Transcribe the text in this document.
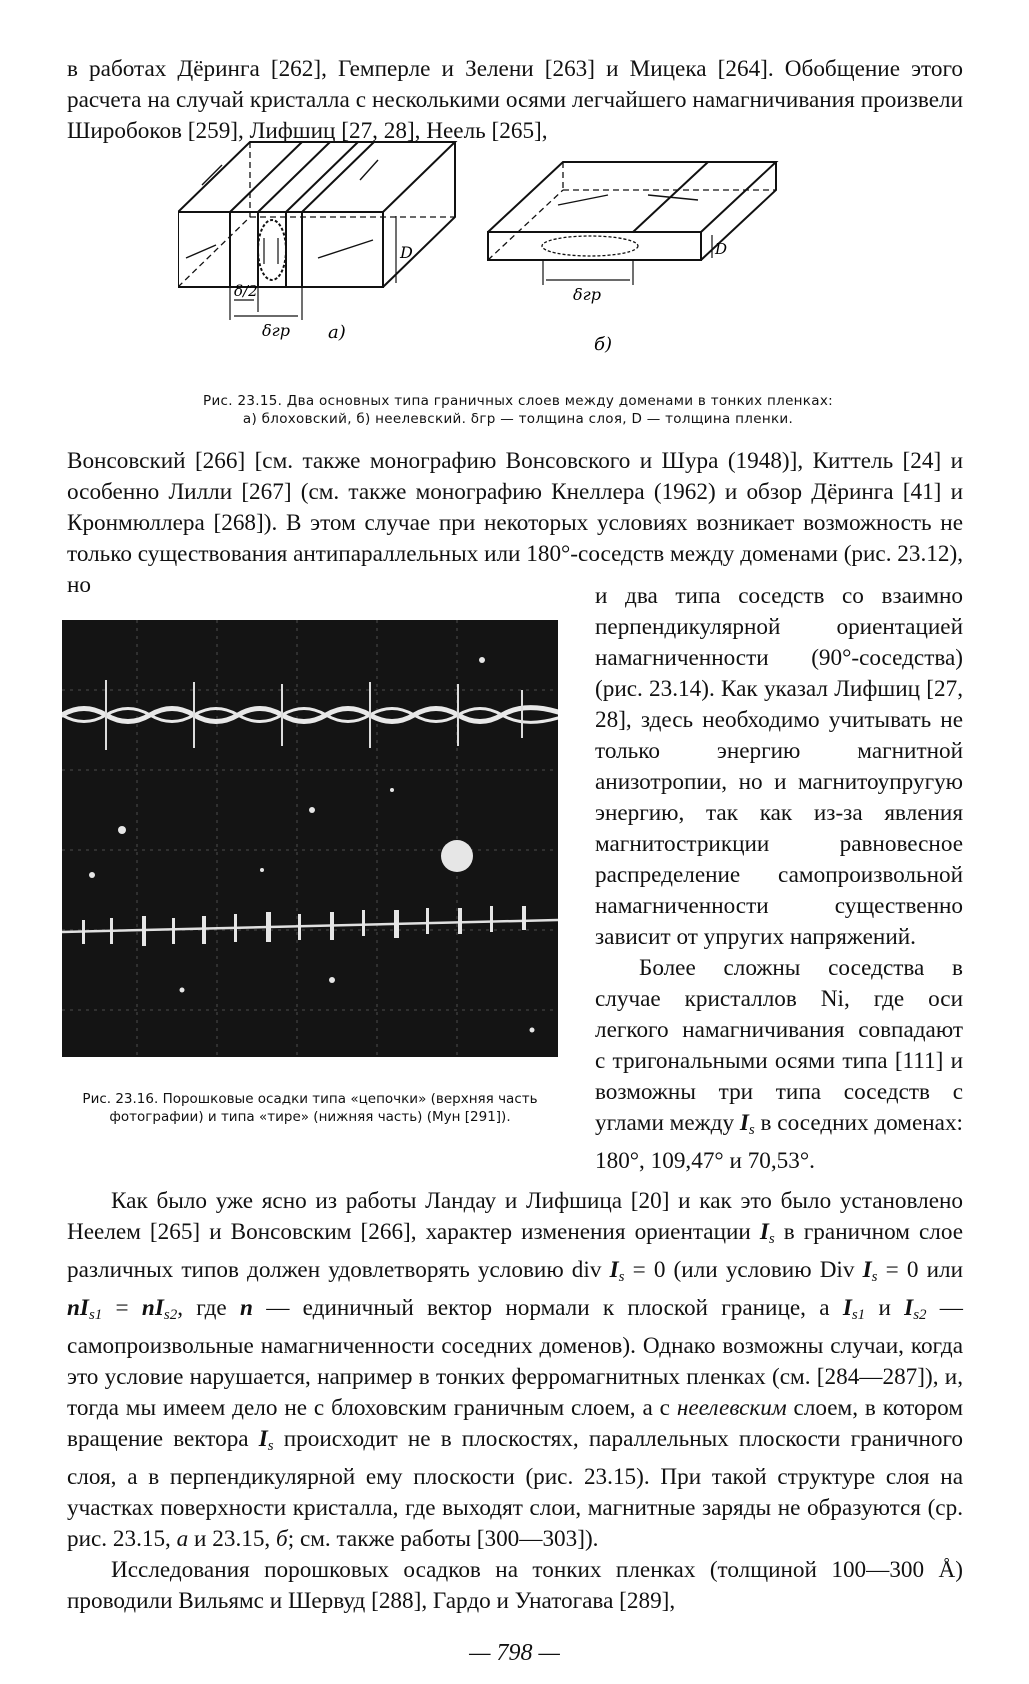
в работах Дёринга [262], Гемперле и Зелени [263] и Мицека [264]. Обобщение этого расчета на случай кристалла с несколькими осями легчайшего намагничивания произвели Широбоков [259], Лифшиц [27, 28], Неель [265],

D
δ/2
δгр а)
D
δгр
б)
Рис. 23.15. Два основных типа граничных слоев между доменами в тонких пленках:
а) блоховский, б) неелевский. δгр — толщина слоя, D — толщина пленки.

Вонсовский [266] [см. также монографию Вонсовского и Шура (1948)], Киттель [24] и особенно Лилли [267] (см. также монографию Кнеллера (1962) и обзор Дёринга [41] и Кронмюллера [268]). В этом случае при некоторых условиях возникает возможность не только существования антипараллельных или 180°-соседств между доменами (рис. 23.12), но

Рис. 23.16. Порошковые осадки типа «цепочки» (верхняя часть фотографии) и типа «тире» (нижняя часть) (Мун [291]).

и два типа соседств со взаимно перпендикулярной ориентацией намагниченности (90°-соседства) (рис. 23.14). Как указал Лифшиц [27, 28], здесь необходимо учитывать не только энергию магнитной анизотропии, но и магнитоупругую энергию, так как из-за явления магнитострикции равновесное распределение самопроизвольной намагниченности существенно зависит от упругих напряжений.

Более сложны соседства в случае кристаллов Ni, где оси легкого намагничивания совпадают с тригональными осями типа [111] и возможны три типа соседств с углами между $I_s$ в соседних доменах: 180°, 109,47° и 70,53°.

Как было уже ясно из работы Ландау и Лифшица [20] и как это было установлено Неелем [265] и Вонсовским [266], характер изменения ориентации $I_s$ в граничном слое различных типов должен удовлетворять условию div $I_s = 0$ (или условию Div $I_s = 0$ или $nI_{s1} = nI_{s2}$, где n — единичный вектор нормали к плоской границе, а $I_{s1}$ и $I_{s2}$ — самопроизвольные намагниченности соседних доменов). Однако возможны случаи, когда это условие нарушается, например в тонких ферромагнитных пленках (см. [284—287]), и, тогда мы имеем дело не с блоховским граничным слоем, а с неелевским слоем, в котором вращение вектора $I_s$ происходит не в плоскостях, параллельных плоскости граничного слоя, а в перпендикулярной ему плоскости (рис. 23.15). При такой структуре слоя на участках поверхности кристалла, где выходят слои, магнитные заряды не образуются (ср. рис. 23.15, а и 23.15, б; см. также работы [300—303]).

Исследования порошковых осадков на тонких пленках (толщиной 100—300 Å) проводили Вильямс и Шервуд [288], Гардо и Унатогава [289],

— 798 —
